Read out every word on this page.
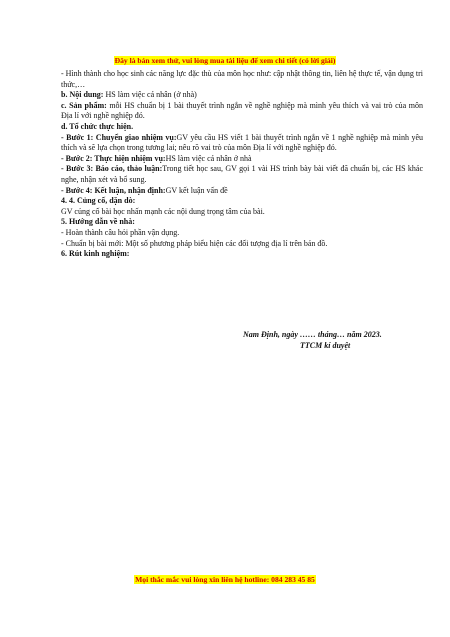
Đây là bản xem thử, vui lòng mua tài liệu để xem chi tiết (có lời giải)

- Hình thành cho học sinh các năng lực đặc thù của môn học như: cập nhật thông tin, liên hệ thực tế, vận dụng tri thức,…

b. Nội dung: HS làm việc cá nhân (ở nhà)

c. Sản phẩm: mỗi HS chuẩn bị 1 bài thuyết trình ngắn về nghề nghiệp mà mình yêu thích và vai trò của môn Địa lí với nghề nghiệp đó.

d. Tổ chức thực hiện.

- Bước 1: Chuyển giao nhiệm vụ:GV yêu cầu HS viết 1 bài thuyết trình ngắn về 1 nghề nghiệp mà mình yêu thích và sẽ lựa chọn trong tương lai; nêu rõ vai trò của môn Địa lí với nghề nghiệp đó.

- Bước 2: Thực hiện nhiệm vụ:HS làm việc cá nhân ở nhà

- Bước 3: Báo cáo, thảo luận:Trong tiết học sau, GV gọi 1 vài HS trình bày bài viết đã chuẩn bị, các HS khác nghe, nhận xét và bổ sung.

- Bước 4: Kết luận, nhận định:GV kết luận vấn đề

4. 4. Củng cố, dặn dò:

GV củng cố bài học nhấn mạnh các nội dung trọng tâm của bài.

5. Hướng dẫn về nhà:

- Hoàn thành câu hỏi phần vận dụng.

- Chuẩn bị bài mới: Một số phương pháp biểu hiện các đối tượng địa lí trên bản đồ.

6. Rút kinh nghiệm:

Nam Định, ngày …… tháng… năm 2023.

TTCM kí duyệt

Mọi thắc mắc vui lòng xin liên hệ hotline: 084 283 45 85
